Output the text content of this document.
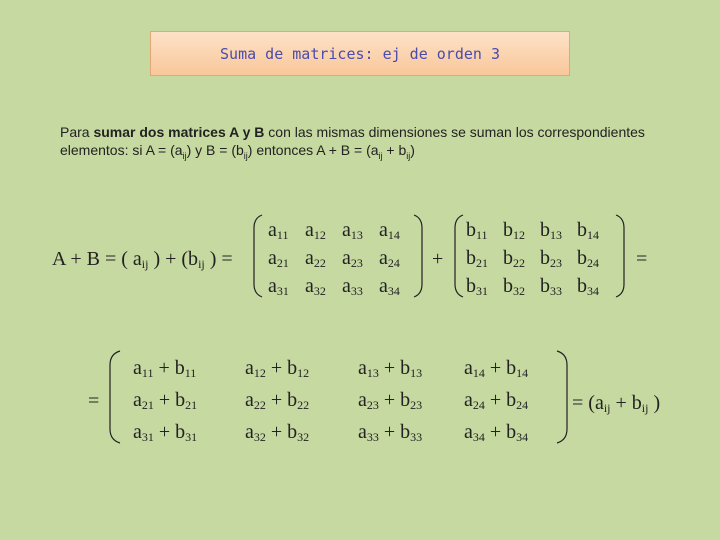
Suma de matrices: ej de orden 3
Para sumar dos matrices A y B con las mismas dimensiones se suman los correspondientes elementos: si $A = (a_{ij})$ y $B = (b_{ij})$ entonces $A + B = (a_{ij} + b_{ij})$
A + B = ( $a_{ij}$ ) + ($b_{ij}$ ) =
$a_{11}$ $a_{12}$ $a_{13}$ $a_{14}$
$a_{21}$ $a_{22}$ $a_{23}$ $a_{24}$
$a_{31}$ $a_{32}$ $a_{33}$ $a_{34}$
+
$b_{11}$ $b_{12}$ $b_{13}$ $b_{14}$
$b_{21}$ $b_{22}$ $b_{23}$ $b_{24}$
$b_{31}$ $b_{32}$ $b_{33}$ $b_{34}$
=
=
$a_{11} + b_{11}$ $a_{12} + b_{12}$ $a_{13} + b_{13}$ $a_{14} + b_{14}$
$a_{21} + b_{21}$ $a_{22} + b_{22}$ $a_{23} + b_{23}$ $a_{24} + b_{24}$
$a_{31} + b_{31}$ $a_{32} + b_{32}$ $a_{33} + b_{33}$ $a_{34} + b_{34}$
= ($a_{ij} + b_{ij}$ )
